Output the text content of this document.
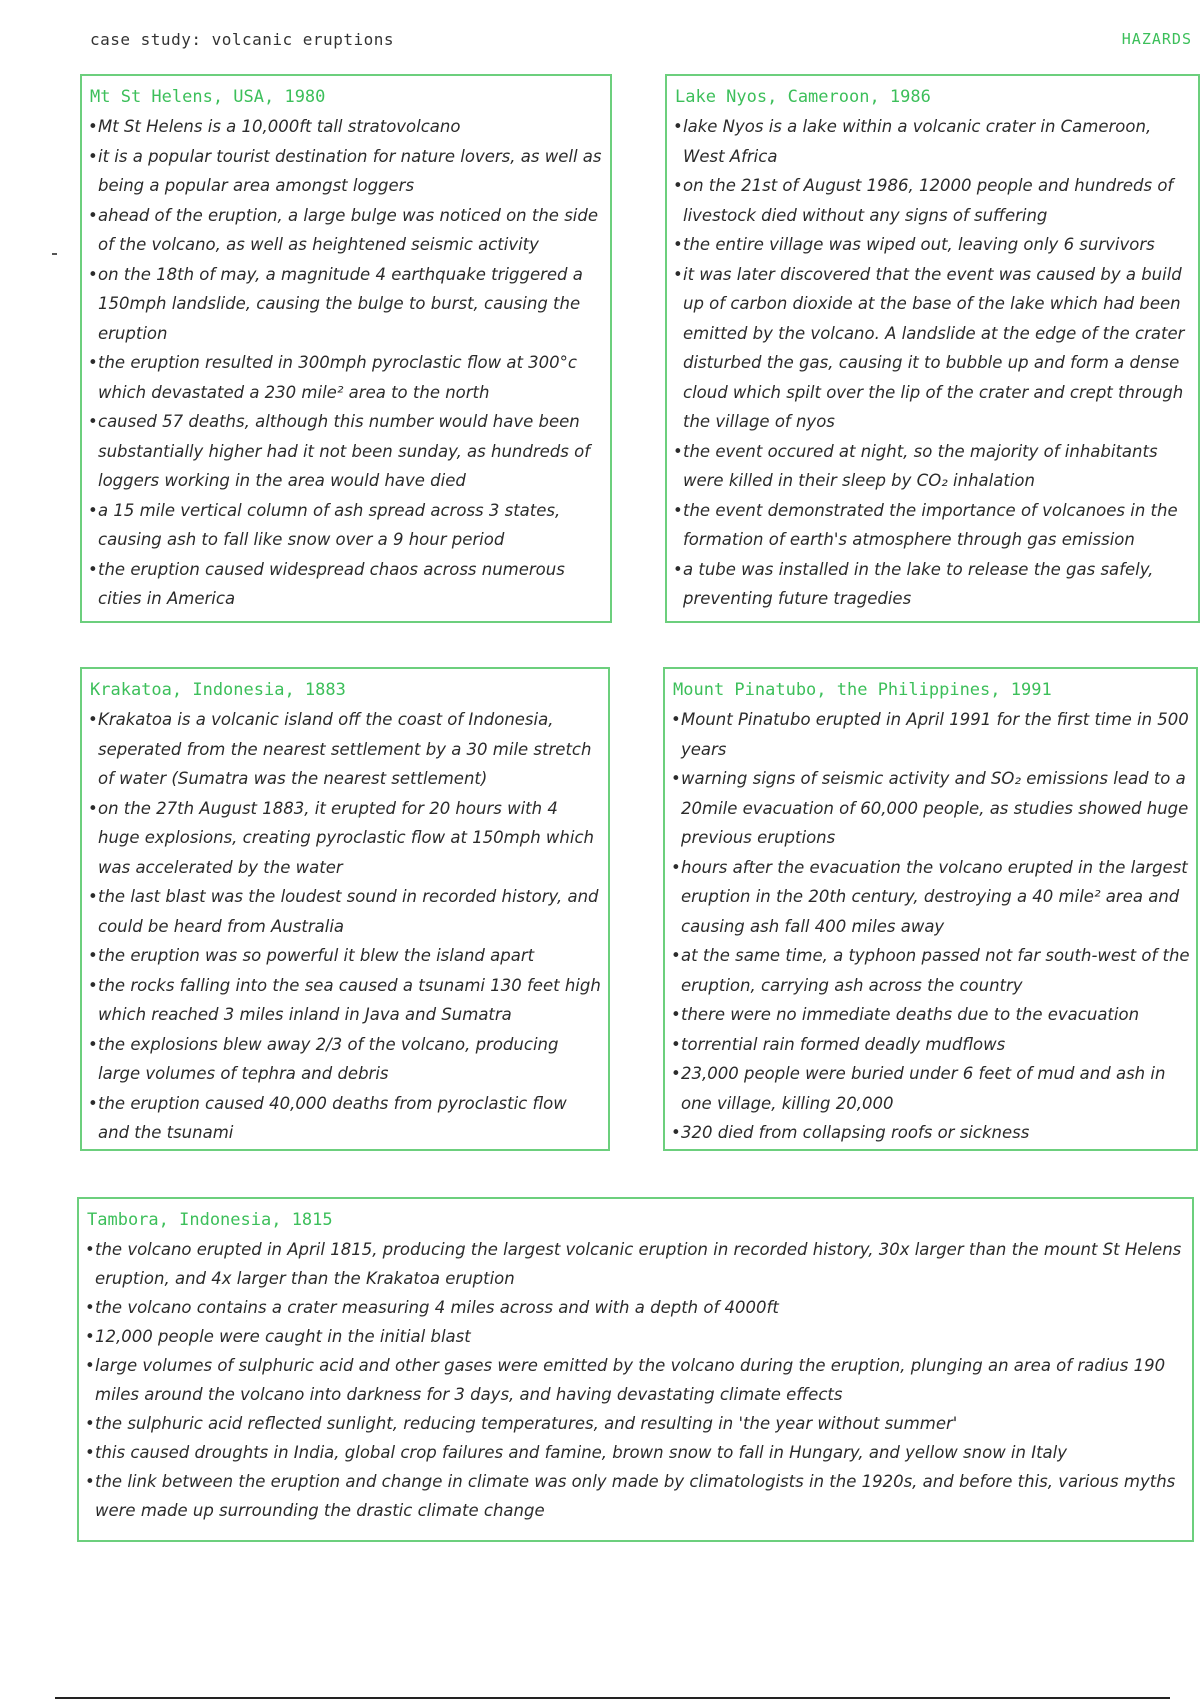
case study: volcanic eruptions	HAZARDS
Mt St Helens, USA, 1980
• Mt St Helens is a 10,000ft tall stratovolcano
• it is a popular tourist destination for nature lovers, as well as being a popular area amongst loggers
• ahead of the eruption, a large bulge was noticed on the side of the volcano, as well as heightened seismic activity
• on the 18th of may, a magnitude 4 earthquake triggered a 150mph landslide, causing the bulge to burst, causing the eruption
• the eruption resulted in 300mph pyroclastic flow at 300°c which devastated a 230 mile² area to the north
• caused 57 deaths, although this number would have been substantially higher had it not been sunday, as hundreds of loggers working in the area would have died
• a 15 mile vertical column of ash spread across 3 states, causing ash to fall like snow over a 9 hour period
• the eruption caused widespread chaos across numerous cities in America
Lake Nyos, Cameroon, 1986
• lake Nyos is a lake within a volcanic crater in Cameroon, West Africa
• on the 21st of August 1986, 12000 people and hundreds of livestock died without any signs of suffering
• the entire village was wiped out, leaving only 6 survivors
• it was later discovered that the event was caused by a build up of carbon dioxide at the base of the lake which had been emitted by the volcano. A landslide at the edge of the crater disturbed the gas, causing it to bubble up and form a dense cloud which spilt over the lip of the crater and crept through the village of nyos
• the event occured at night, so the majority of inhabitants were killed in their sleep by CO₂ inhalation
• the event demonstrated the importance of volcanoes in the formation of earth's atmosphere through gas emission
• a tube was installed in the lake to release the gas safely, preventing future tragedies
Krakatoa, Indonesia, 1883
• Krakatoa is a volcanic island off the coast of Indonesia, seperated from the nearest settlement by a 30 mile stretch of water (Sumatra was the nearest settlement)
• on the 27th August 1883, it erupted for 20 hours with 4 huge explosions, creating pyroclastic flow at 150mph which was accelerated by the water
• the last blast was the loudest sound in recorded history, and could be heard from Australia
• the eruption was so powerful it blew the island apart
• the rocks falling into the sea caused a tsunami 130 feet high which reached 3 miles inland in Java and Sumatra
• the explosions blew away 2/3 of the volcano, producing large volumes of tephra and debris
• the eruption caused 40,000 deaths from pyroclastic flow and the tsunami
Mount Pinatubo, the Philippines, 1991
• Mount Pinatubo erupted in April 1991 for the first time in 500 years
• warning signs of seismic activity and SO₂ emissions lead to a 20mile evacuation of 60,000 people, as studies showed huge previous eruptions
• hours after the evacuation the volcano erupted in the largest eruption in the 20th century, destroying a 40 mile² area and causing ash fall 400 miles away
• at the same time, a typhoon passed not far south-west of the eruption, carrying ash across the country
• there were no immediate deaths due to the evacuation
• torrential rain formed deadly mudflows
• 23,000 people were buried under 6 feet of mud and ash in one village, killing 20,000
• 320 died from collapsing roofs or sickness
Tambora, Indonesia, 1815
• the volcano erupted in April 1815, producing the largest volcanic eruption in recorded history, 30x larger than the mount St Helens eruption, and 4x larger than the Krakatoa eruption
• the volcano contains a crater measuring 4 miles across and with a depth of 4000ft
• 12,000 people were caught in the initial blast
• large volumes of sulphuric acid and other gases were emitted by the volcano during the eruption, plunging an area of radius 190 miles around the volcano into darkness for 3 days, and having devastating climate effects
• the sulphuric acid reflected sunlight, reducing temperatures, and resulting in 'the year without summer'
• this caused droughts in India, global crop failures and famine, brown snow to fall in Hungary, and yellow snow in Italy
• the link between the eruption and change in climate was only made by climatologists in the 1920s, and before this, various myths were made up surrounding the drastic climate change
